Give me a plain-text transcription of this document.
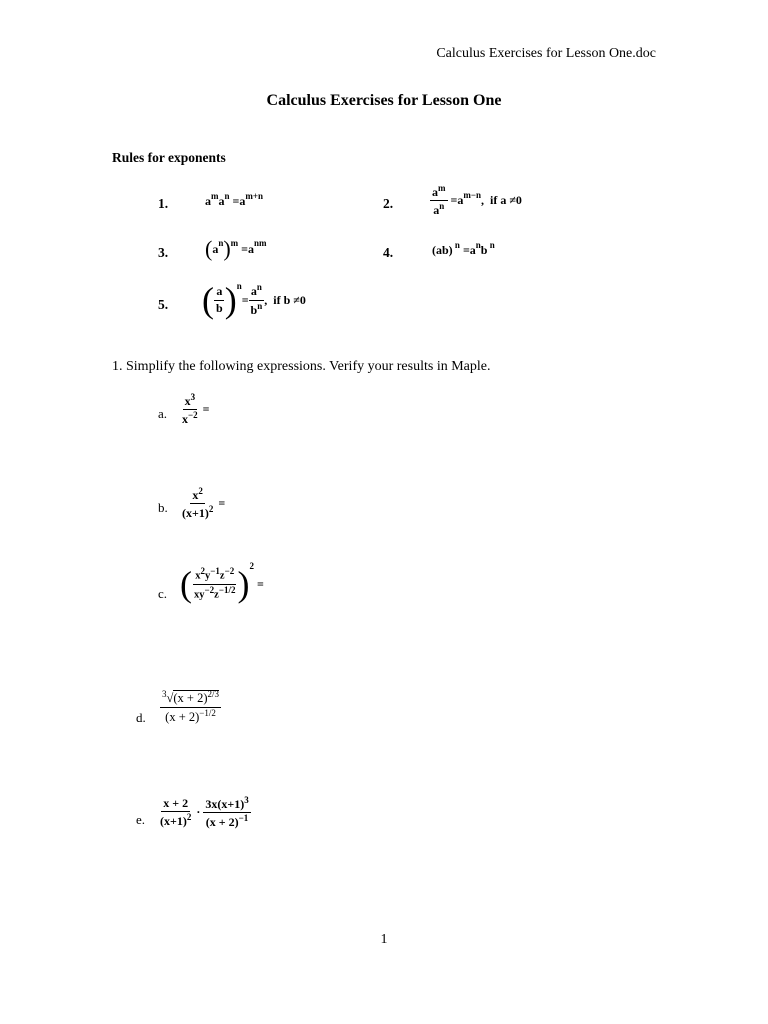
Calculus Exercises for Lesson One.doc
Calculus Exercises for Lesson One
Rules for exponents
1.	a m a n =a m+n
2.	$\frac{a^m}{a^n} =a$ m−n ,  if a ≠0
3. ( a n ) m =a nm
4.	(ab) n =a n b n
5. ( $\frac{a}{b}$ ) n
= $\frac{a^n}{b^n}$ ,  if b ≠0
1. Simplify the following expressions. Verify your results in Maple.
a. $\frac{x^3}{x^{-2}}$ =
b. $\frac{x^2}{(x+1)^2}$ =
c. ( $\frac{x^2y^{-1}z^{-2}}{xy^{-2}z^{-1/2}}$ ) 2
=
d. $\frac{^3√(x + 2)^{2/3}}{(x + 2)^{-1/2}}$
e. $\frac{x + 2}{(x+1)^2} \cdot \frac{3x(x+1)^3}{(x + 2)^{-1}}$
1
